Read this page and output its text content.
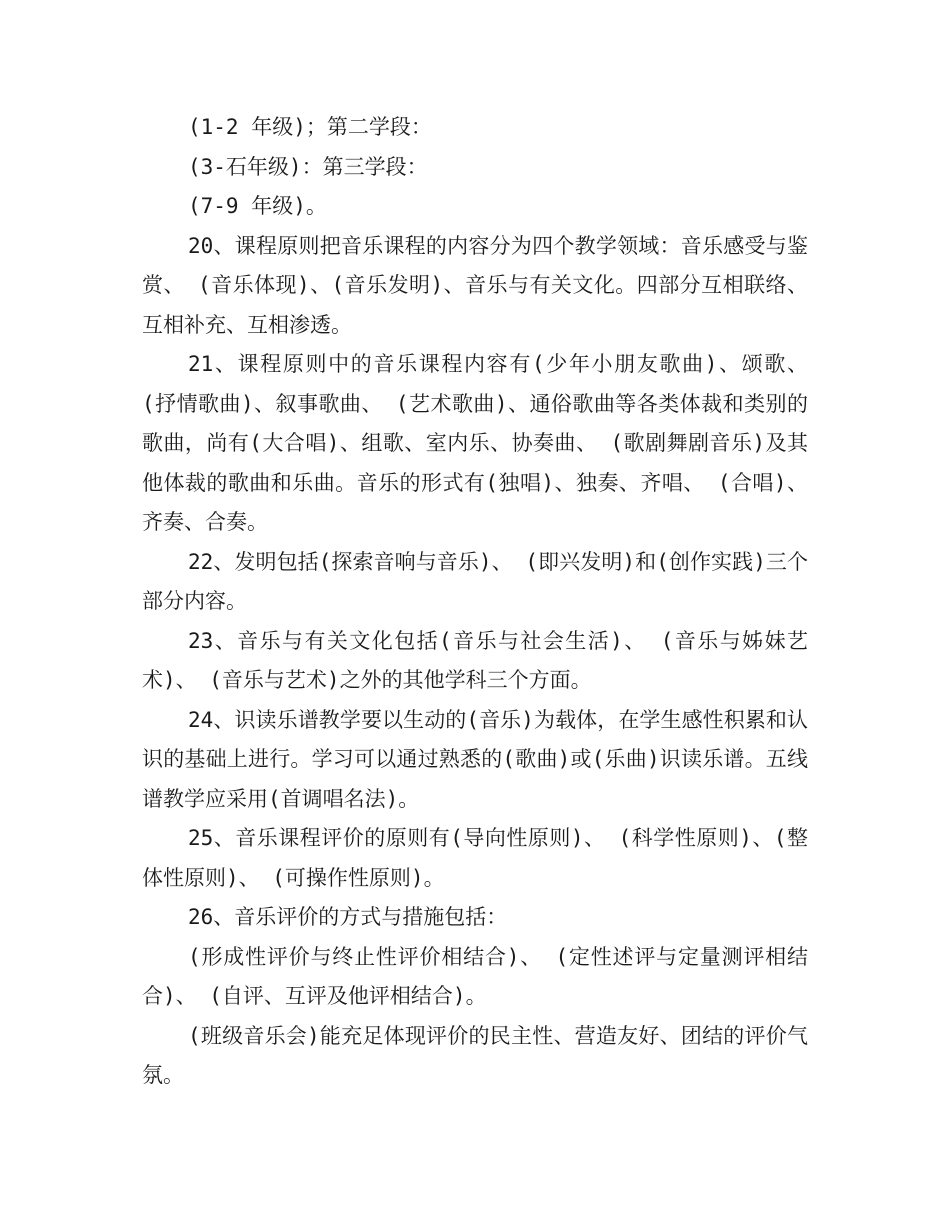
(1-2 年级)；第二学段：

(3-石年级)：第三学段：

(7-9 年级)。

20、课程原则把音乐课程的内容分为四个教学领域：音乐感受与鉴赏、 (音乐体现)、(音乐发明)、音乐与有关文化。四部分互相联络、互相补充、互相渗透。

21、课程原则中的音乐课程内容有(少年小朋友歌曲)、颂歌、 (抒情歌曲)、叙事歌曲、 (艺术歌曲)、通俗歌曲等各类体裁和类别的歌曲，尚有(大合唱)、组歌、室内乐、协奏曲、 (歌剧舞剧音乐)及其他体裁的歌曲和乐曲。音乐的形式有(独唱)、独奏、齐唱、 (合唱)、齐奏、合奏。

22、发明包括(探索音响与音乐)、 (即兴发明)和(创作实践)三个部分内容。

23、音乐与有关文化包括(音乐与社会生活)、 (音乐与姊妹艺术)、 (音乐与艺术)之外的其他学科三个方面。

24、识读乐谱教学要以生动的(音乐)为载体，在学生感性积累和认识的基础上进行。学习可以通过熟悉的(歌曲)或(乐曲)识读乐谱。五线谱教学应采用(首调唱名法)。

25、音乐课程评价的原则有(导向性原则)、 (科学性原则)、(整体性原则)、 (可操作性原则)。

26、音乐评价的方式与措施包括：

(形成性评价与终止性评价相结合)、 (定性述评与定量测评相结合)、 (自评、互评及他评相结合)。

(班级音乐会)能充足体现评价的民主性、营造友好、团结的评价气氛。
